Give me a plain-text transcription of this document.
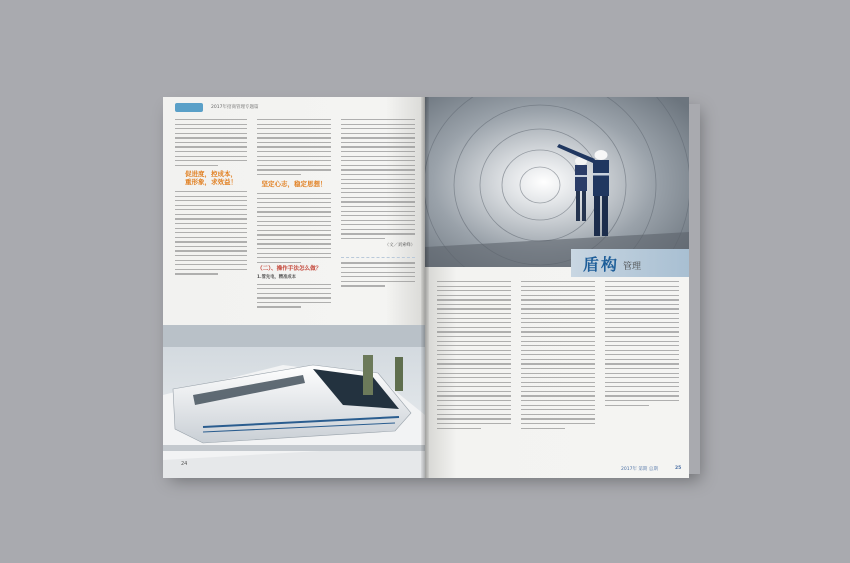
2017年招商管理专题篇
促进度，控成本，
重形象，求效益！	坚定心志，稳定思想！
（二）、操作手法怎么做？
1.管先电，精准成本
（文／刘索峰）
24
盾构 管理
2017年 第期 总期	25
